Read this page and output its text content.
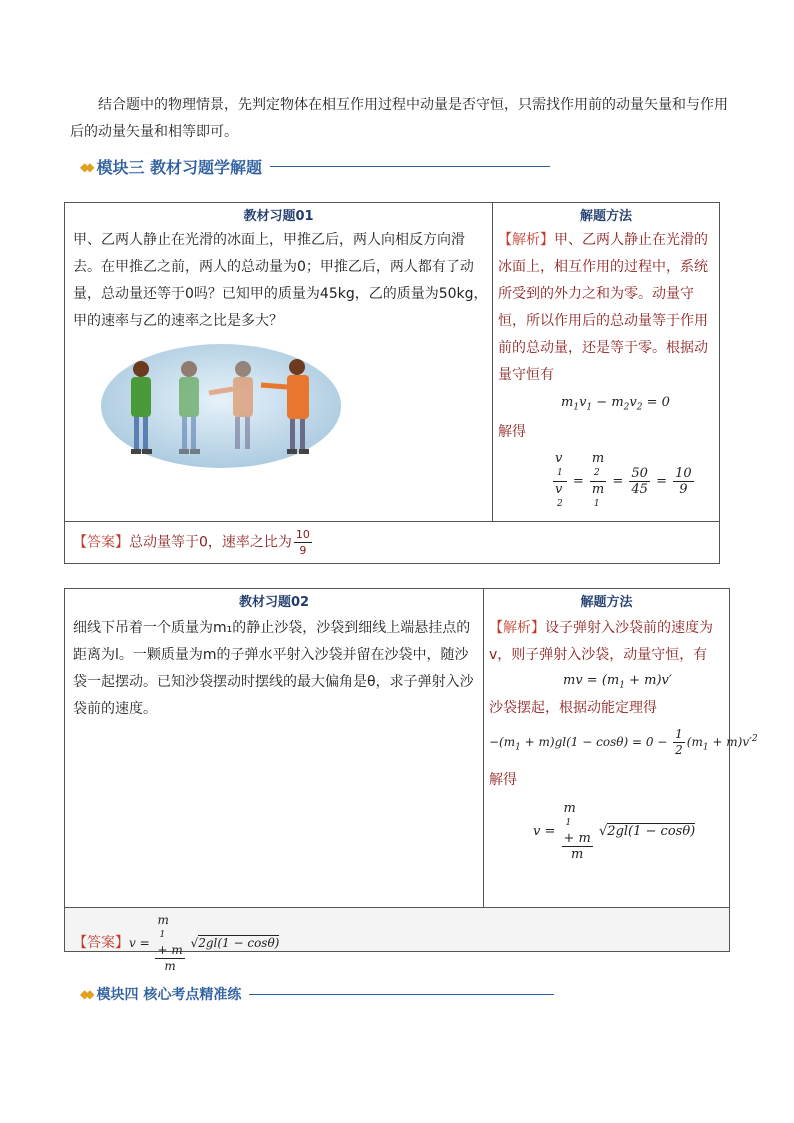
结合题中的物理情景，先判定物体在相互作用过程中动量是否守恒，只需找作用前的动量矢量和与作用后的动量矢量和相等即可。
◆◆ 模块三 教材习题学解题
教材习题01	解题方法
甲、乙两人静止在光滑的冰面上，甲推乙后，两人向相反方向滑去。在甲推乙之前，两人的总动量为0；甲推乙后，两人都有了动量，总动量还等于0吗？已知甲的质量为45kg，乙的质量为50kg，甲的速率与乙的速率之比是多大？
【解析】甲、乙两人静止在光滑的冰面上，相互作用的过程中，系统所受到的外力之和为零。动量守恒，所以作用后的总动量等于作用前的总动量，还是等于零。根据动量守恒有
$m_1v_1 - m_2v_2 = 0$
解得
v
1
v
2 = m
2
m
$1 = \frac{50}{45} = \frac{10}{9}$
【答案】总动量等于0，速率之比为 $\frac{10}{9}$
教材习题02	解题方法
细线下吊着一个质量为m₁的静止沙袋，沙袋到细线上端悬挂点的距离为l。一颗质量为m的子弹水平射入沙袋并留在沙袋中，随沙袋一起摆动。已知沙袋摆动时摆线的最大偏角是θ，求子弹射入沙袋前的速度。
【解析】设子弹射入沙袋前的速度为v，则子弹射入沙袋，动量守恒，有
mv = $(m_1 + m)v'$
沙袋摆起，根据动能定理得
$-(m_1 + m)gl(1 - \cos\theta) = 0 - \frac{1}{2} (m_1 + m)v'^2$
解得
v = m
1
+ m
m √2gl(1 − cosθ)
【答案】v = m
1
+ m
m √2gl(1 − cosθ)
◆◆ 模块四 核心考点精准练
